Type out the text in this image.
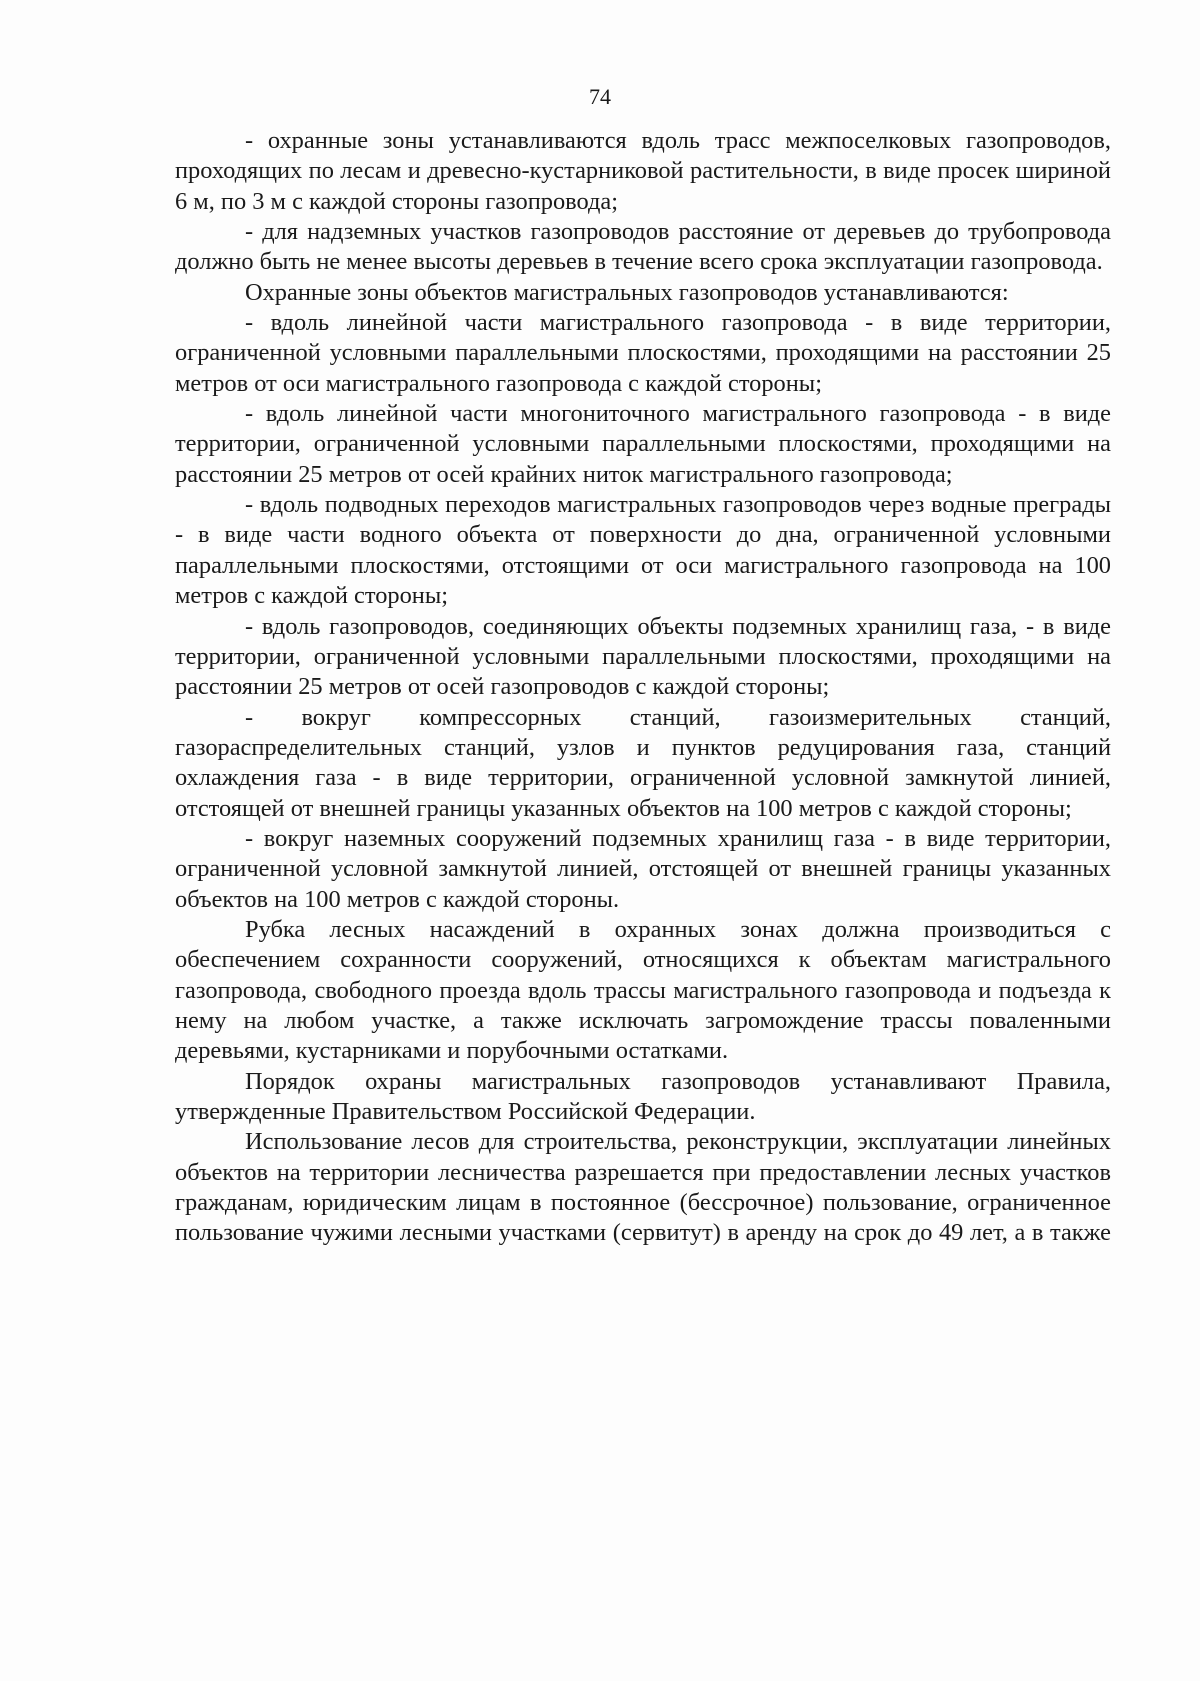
74

- охранные зоны устанавливаются вдоль трасс межпоселковых газопроводов, проходящих по лесам и древесно-кустарниковой растительности, в виде просек шириной 6 м, по 3 м с каждой стороны газопровода;

- для надземных участков газопроводов расстояние от деревьев до трубопровода должно быть не менее высоты деревьев в течение всего срока эксплуатации газопровода.

Охранные зоны объектов магистральных газопроводов устанавливаются:

- вдоль линейной части магистрального газопровода - в виде территории, ограниченной условными параллельными плоскостями, проходящими на расстоянии 25 метров от оси магистрального газопровода с каждой стороны;

- вдоль линейной части многониточного магистрального газопровода - в виде территории, ограниченной условными параллельными плоскостями, проходящими на расстоянии 25 метров от осей крайних ниток магистрального газопровода;

- вдоль подводных переходов магистральных газопроводов через водные преграды - в виде части водного объекта от поверхности до дна, ограниченной условными параллельными плоскостями, отстоящими от оси магистрального газопровода на 100 метров с каждой стороны;

- вдоль газопроводов, соединяющих объекты подземных хранилищ газа, - в виде территории, ограниченной условными параллельными плоскостями, проходящими на расстоянии 25 метров от осей газопроводов с каждой стороны;

- вокруг компрессорных станций, газоизмерительных станций, газораспределительных станций, узлов и пунктов редуцирования газа, станций охлаждения газа - в виде территории, ограниченной условной замкнутой линией, отстоящей от внешней границы указанных объектов на 100 метров с каждой стороны;

- вокруг наземных сооружений подземных хранилищ газа - в виде территории, ограниченной условной замкнутой линией, отстоящей от внешней границы указанных объектов на 100 метров с каждой стороны.

Рубка лесных насаждений в охранных зонах должна производиться с обеспечением сохранности сооружений, относящихся к объектам магистрального газопровода, свободного проезда вдоль трассы магистрального газопровода и подъезда к нему на любом участке, а также исключать загромождение трассы поваленными деревьями, кустарниками и порубочными остатками.

Порядок охраны магистральных газопроводов устанавливают Правила, утвержденные Правительством Российской Федерации.

Использование лесов для строительства, реконструкции, эксплуатации линейных объектов на территории лесничества разрешается при предоставлении лесных участков гражданам, юридическим лицам в постоянное (бессрочное) пользование, ограниченное пользование чужими лесными участками (сервитут) в аренду на срок до 49 лет, а в также
